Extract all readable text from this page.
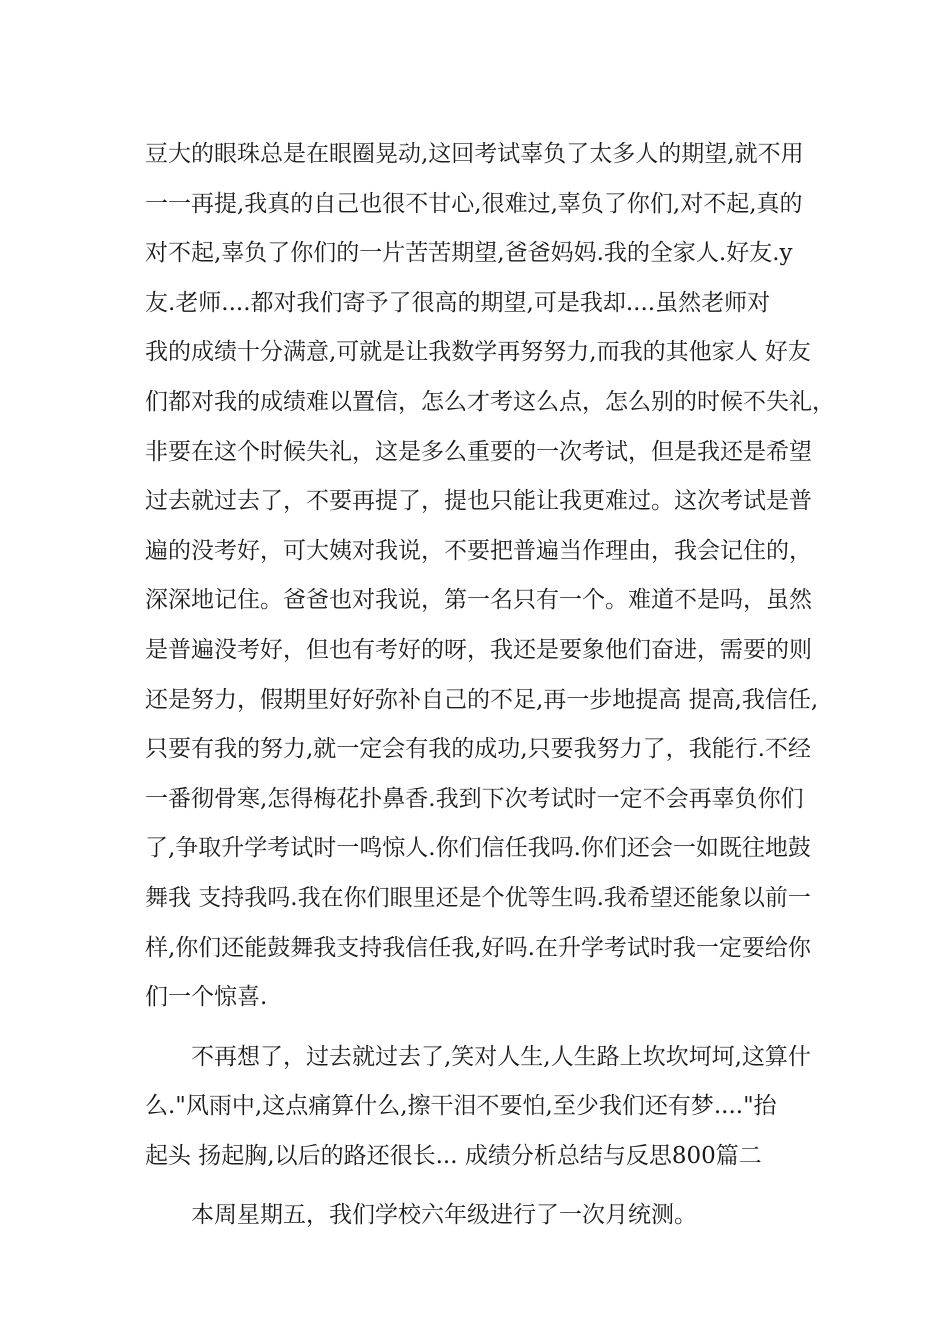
豆大的眼珠总是在眼圈晃动,这回考试辜负了太多人的期望,就不用
一一再提,我真的自己也很不甘心,很难过,辜负了你们,对不起,真的
对不起,辜负了你们的一片苦苦期望,爸爸妈妈.我的全家人.好友.y
友.老师....都对我们寄予了很高的期望,可是我却....虽然老师对
我的成绩十分满意,可就是让我数学再努努力,而我的其他家人 好友
们都对我的成绩难以置信，怎么才考这么点，怎么别的时候不失礼，
非要在这个时候失礼，这是多么重要的一次考试，但是我还是希望
过去就过去了，不要再提了，提也只能让我更难过。这次考试是普
遍的没考好，可大姨对我说，不要把普遍当作理由，我会记住的，
深深地记住。爸爸也对我说，第一名只有一个。难道不是吗，虽然
是普遍没考好，但也有考好的呀，我还是要象他们奋进，需要的则
还是努力，假期里好好弥补自己的不足,再一步地提高 提高,我信任,
只要有我的努力,就一定会有我的成功,只要我努力了，我能行.不经
一番彻骨寒,怎得梅花扑鼻香.我到下次考试时一定不会再辜负你们
了,争取升学考试时一鸣惊人.你们信任我吗.你们还会一如既往地鼓
舞我 支持我吗.我在你们眼里还是个优等生吗.我希望还能象以前一
样,你们还能鼓舞我支持我信任我,好吗.在升学考试时我一定要给你
们一个惊喜.
不再想了，过去就过去了,笑对人生,人生路上坎坎坷坷,这算什
么."风雨中,这点痛算什么,擦干泪不要怕,至少我们还有梦...."抬
起头 扬起胸,以后的路还很长... 成绩分析总结与反思800篇二
本周星期五，我们学校六年级进行了一次月统测。
